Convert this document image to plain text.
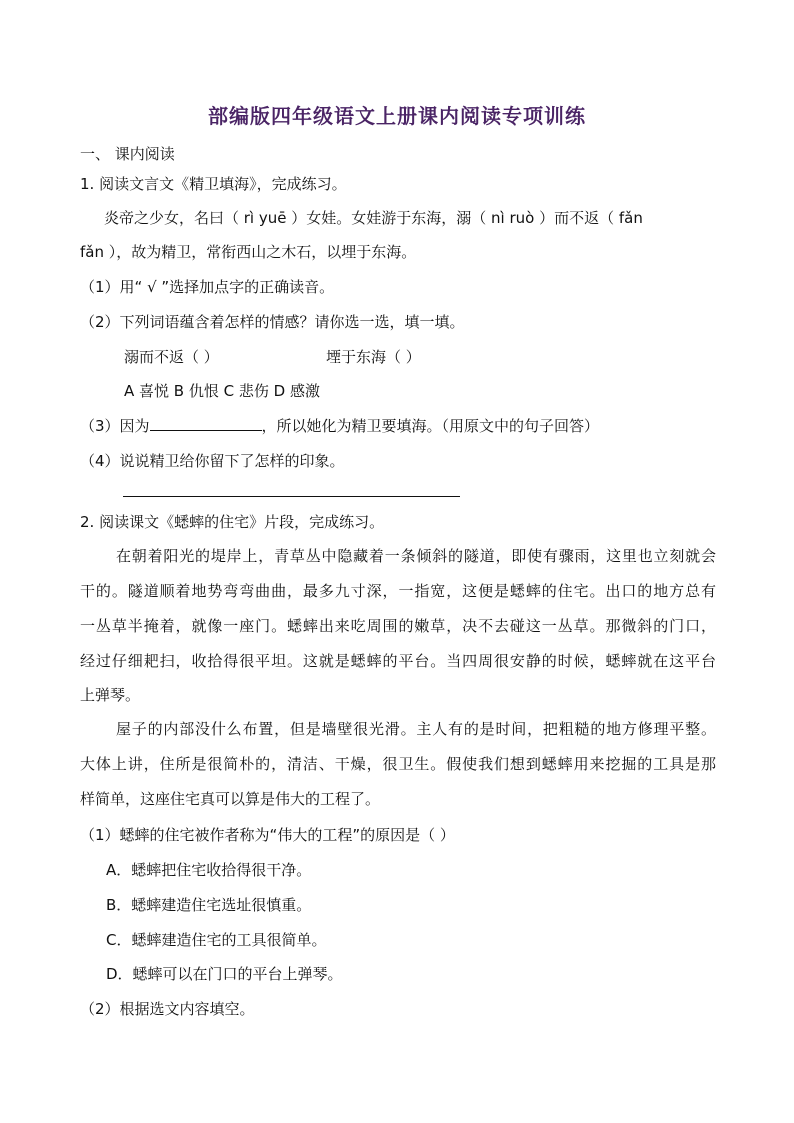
部编版四年级语文上册课内阅读专项训练
一、 课内阅读
1. 阅读文言文《精卫填海》，完成练习。
炎帝之少女，名曰（ rì yuē ）女娃。女娃游于东海，溺（ nì ruò ）而不返（ fǎn
fǎn ），故为精卫，常衔西山之木石，以埋于东海。
（1）用“ √ ”选择加点字的正确读音。
（2）下列词语蕴含着怎样的情感？请你选一选，填一填。
溺而不返（ ）	堙于东海（ ）
A 喜悦 B 仇恨 C 悲伤 D 感激
（3）因为	，所以她化为精卫要填海。（用原文中的句子回答）
（4）说说精卫给你留下了怎样的印象。
2. 阅读课文《蟋蟀的住宅》片段，完成练习。
在朝着阳光的堤岸上，青草丛中隐藏着一条倾斜的隧道，即使有骤雨，这里也立刻就会
干的。隧道顺着地势弯弯曲曲，最多九寸深，一指宽，这便是蟋蟀的住宅。出口的地方总有
一丛草半掩着，就像一座门。蟋蟀出来吃周围的嫩草，决不去碰这一丛草。那微斜的门口，
经过仔细耙扫，收拾得很平坦。这就是蟋蟀的平台。当四周很安静的时候，蟋蟀就在这平台
上弹琴。
屋子的内部没什么布置，但是墙壁很光滑。主人有的是时间，把粗糙的地方修理平整。
大体上讲，住所是很简朴的，清洁、干燥，很卫生。假使我们想到蟋蟀用来挖掘的工具是那
样简单，这座住宅真可以算是伟大的工程了。
（1）蟋蟀的住宅被作者称为“伟大的工程”的原因是（ ）
A．蟋蟀把住宅收拾得很干净。
B．蟋蟀建造住宅选址很慎重。
C．蟋蟀建造住宅的工具很简单。
D．蟋蟀可以在门口的平台上弹琴。
（2）根据选文内容填空。
